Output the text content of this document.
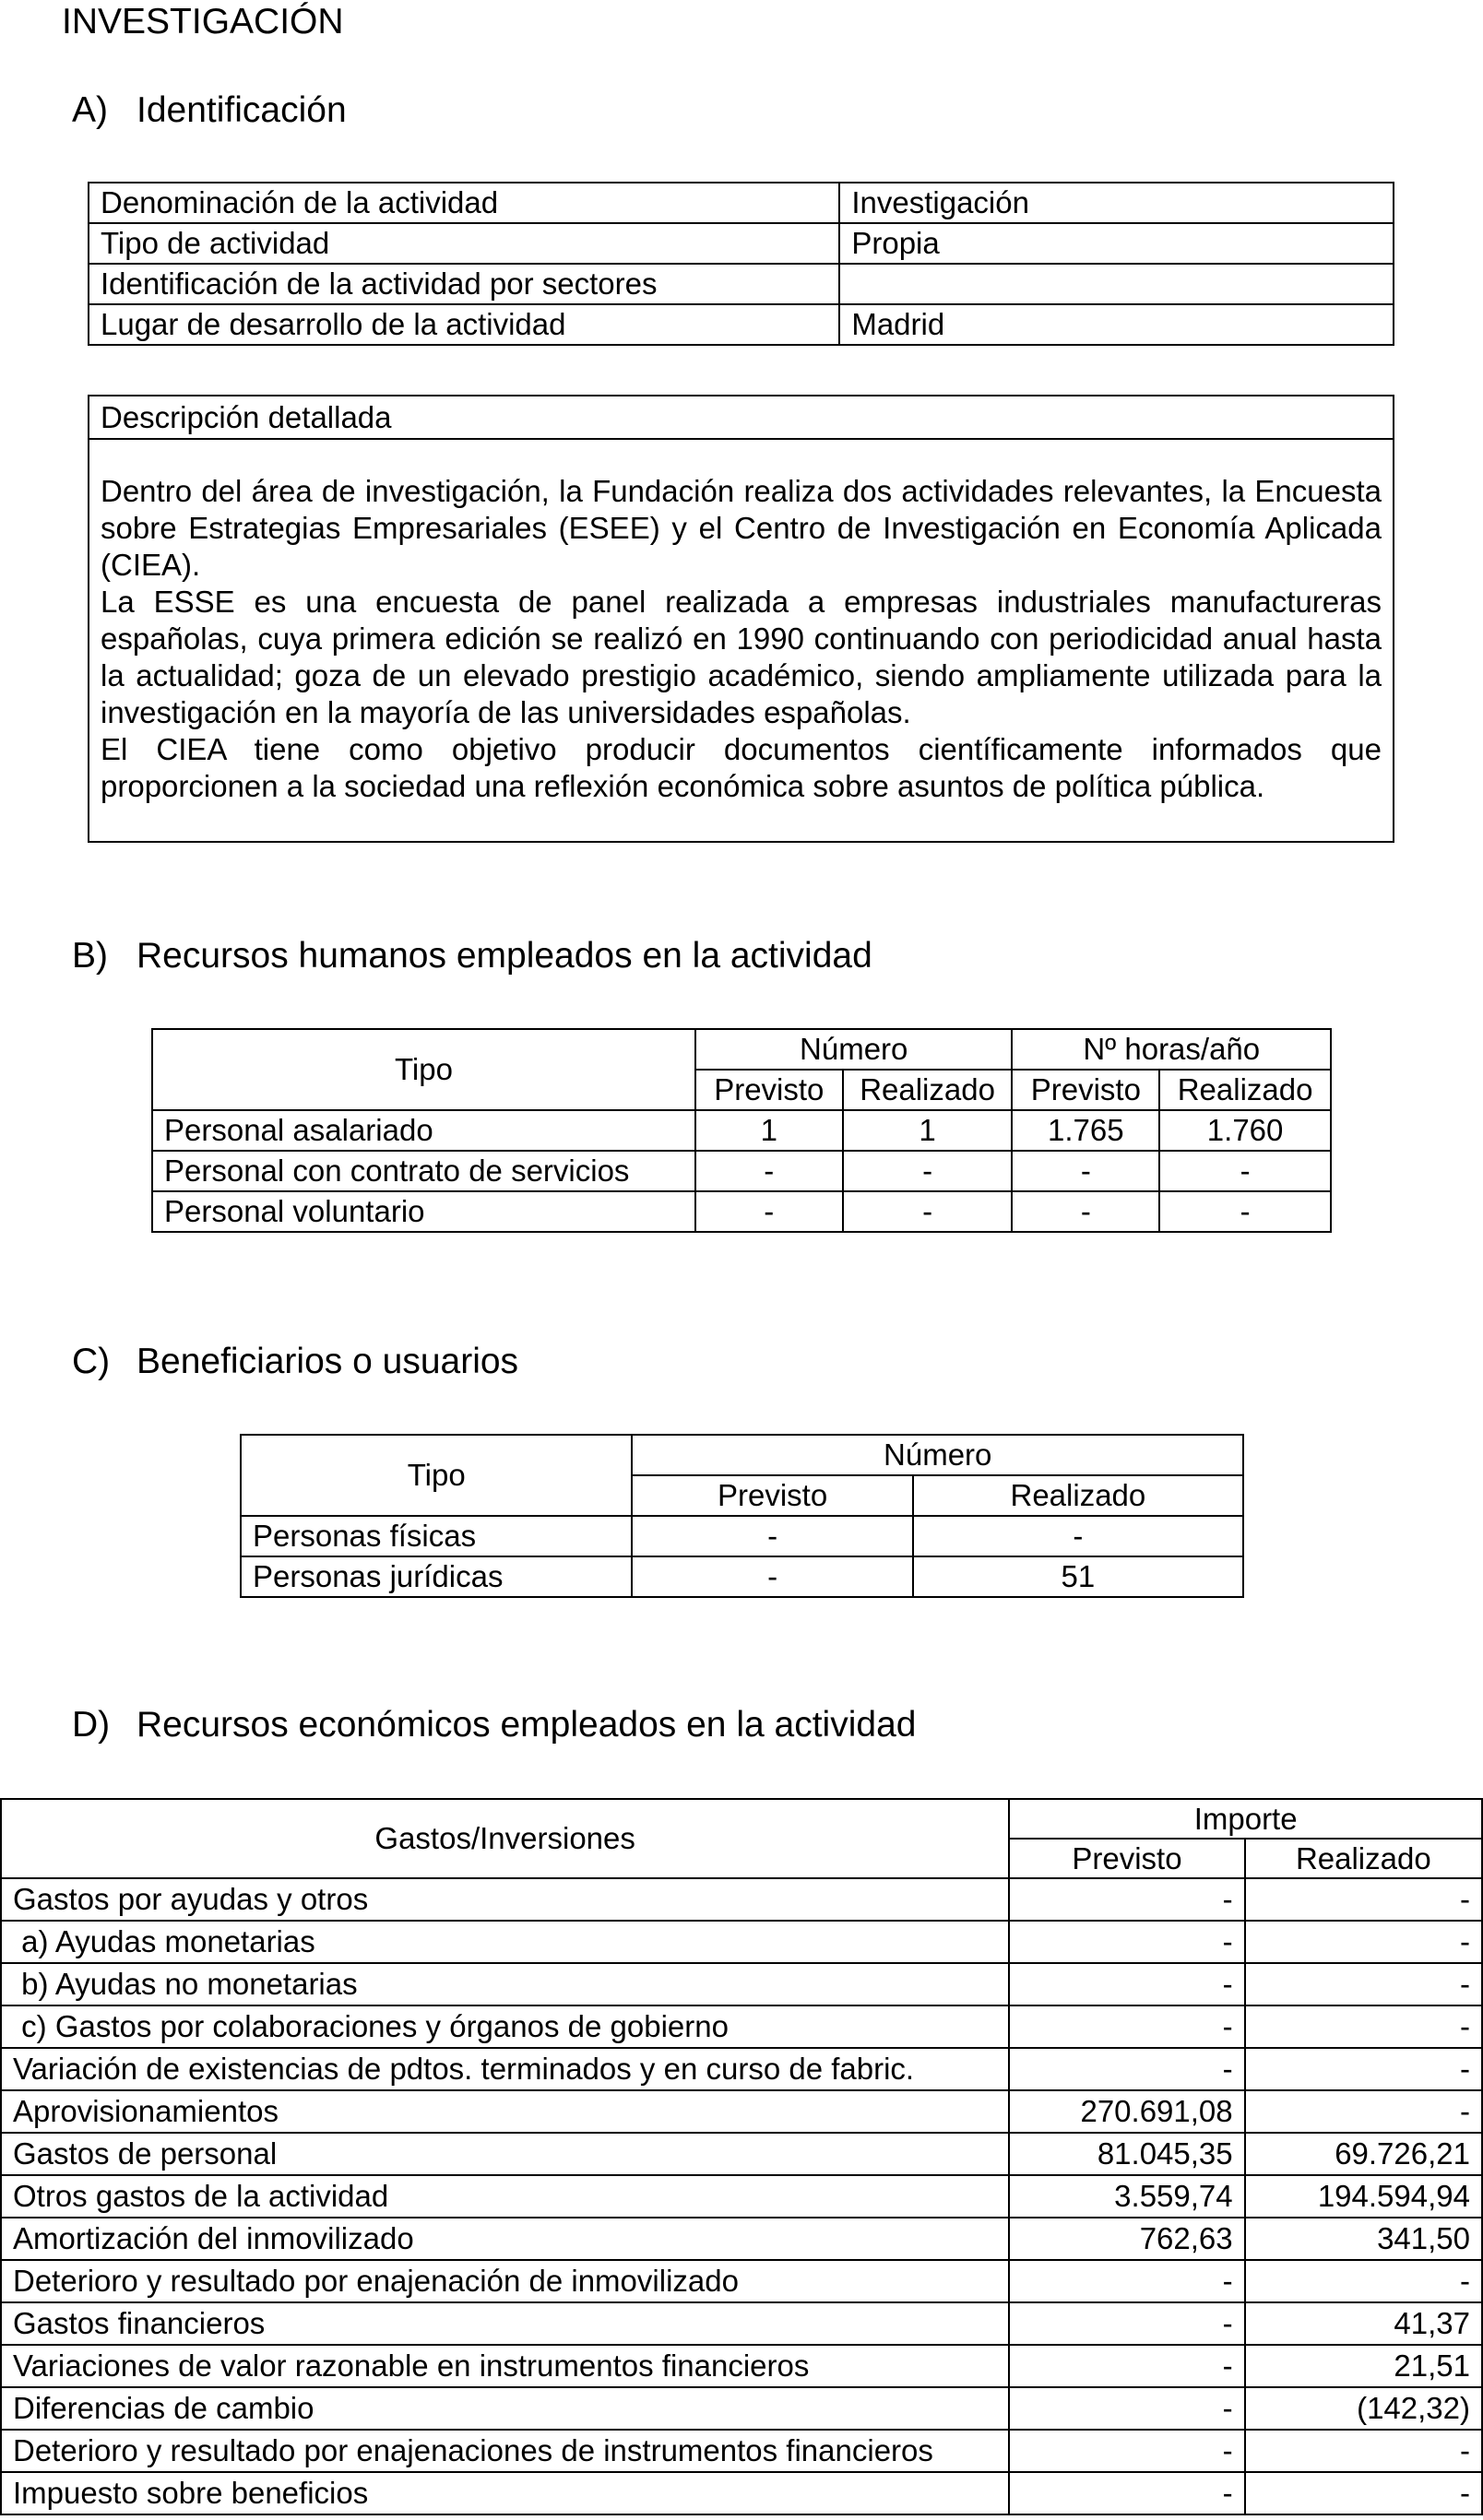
INVESTIGACIÓN
A) Identificación
Denominación de la actividad	Investigación
Tipo de actividad	Propia
Identificación de la actividad por sectores	
Lugar de desarrollo de la actividad	Madrid
Descripción detallada

Dentro del área de investigación, la Fundación realiza dos actividades relevantes, la Encuesta sobre Estrategias Empresariales (ESEE) y el Centro de Investigación en Economía Aplicada (CIEA).

La ESSE es una encuesta de panel realizada a empresas industriales manufactureras españolas, cuya primera edición se realizó en 1990 continuando con periodicidad anual hasta la actualidad; goza de un elevado prestigio académico, siendo ampliamente utilizada para la investigación en la mayoría de las universidades españolas.

El CIEA tiene como objetivo producir documentos científicamente informados que proporcionen a la sociedad una reflexión económica sobre asuntos de política pública.

B) Recursos humanos empleados en la actividad
Tipo	Número		Nº horas/año	
	Previsto	Realizado	Previsto	Realizado
Personal asalariado	1	1	1.765	1.760
Personal con contrato de servicios	-	-	-	-
Personal voluntario	-	-	-	-
C) Beneficiarios o usuarios
Tipo	Número	
	Previsto	Realizado
Personas físicas	-	-
Personas jurídicas	-	51
D) Recursos económicos empleados en la actividad
Gastos/Inversiones	Importe	
	Previsto	Realizado
Gastos por ayudas y otros	-	-
a) Ayudas monetarias	-	-
b) Ayudas no monetarias	-	-
c) Gastos por colaboraciones y órganos de gobierno	-	-
Variación de existencias de pdtos. terminados y en curso de fabric.	-	-
Aprovisionamientos	270.691,08	-
Gastos de personal	81.045,35	69.726,21
Otros gastos de la actividad	3.559,74	194.594,94
Amortización del inmovilizado	762,63	341,50
Deterioro y resultado por enajenación de inmovilizado	-	-
Gastos financieros	-	41,37
Variaciones de valor razonable en instrumentos financieros	-	21,51
Diferencias de cambio	-	(142,32)
Deterioro y resultado por enajenaciones de instrumentos financieros	-	-
Impuesto sobre beneficios	-	-
